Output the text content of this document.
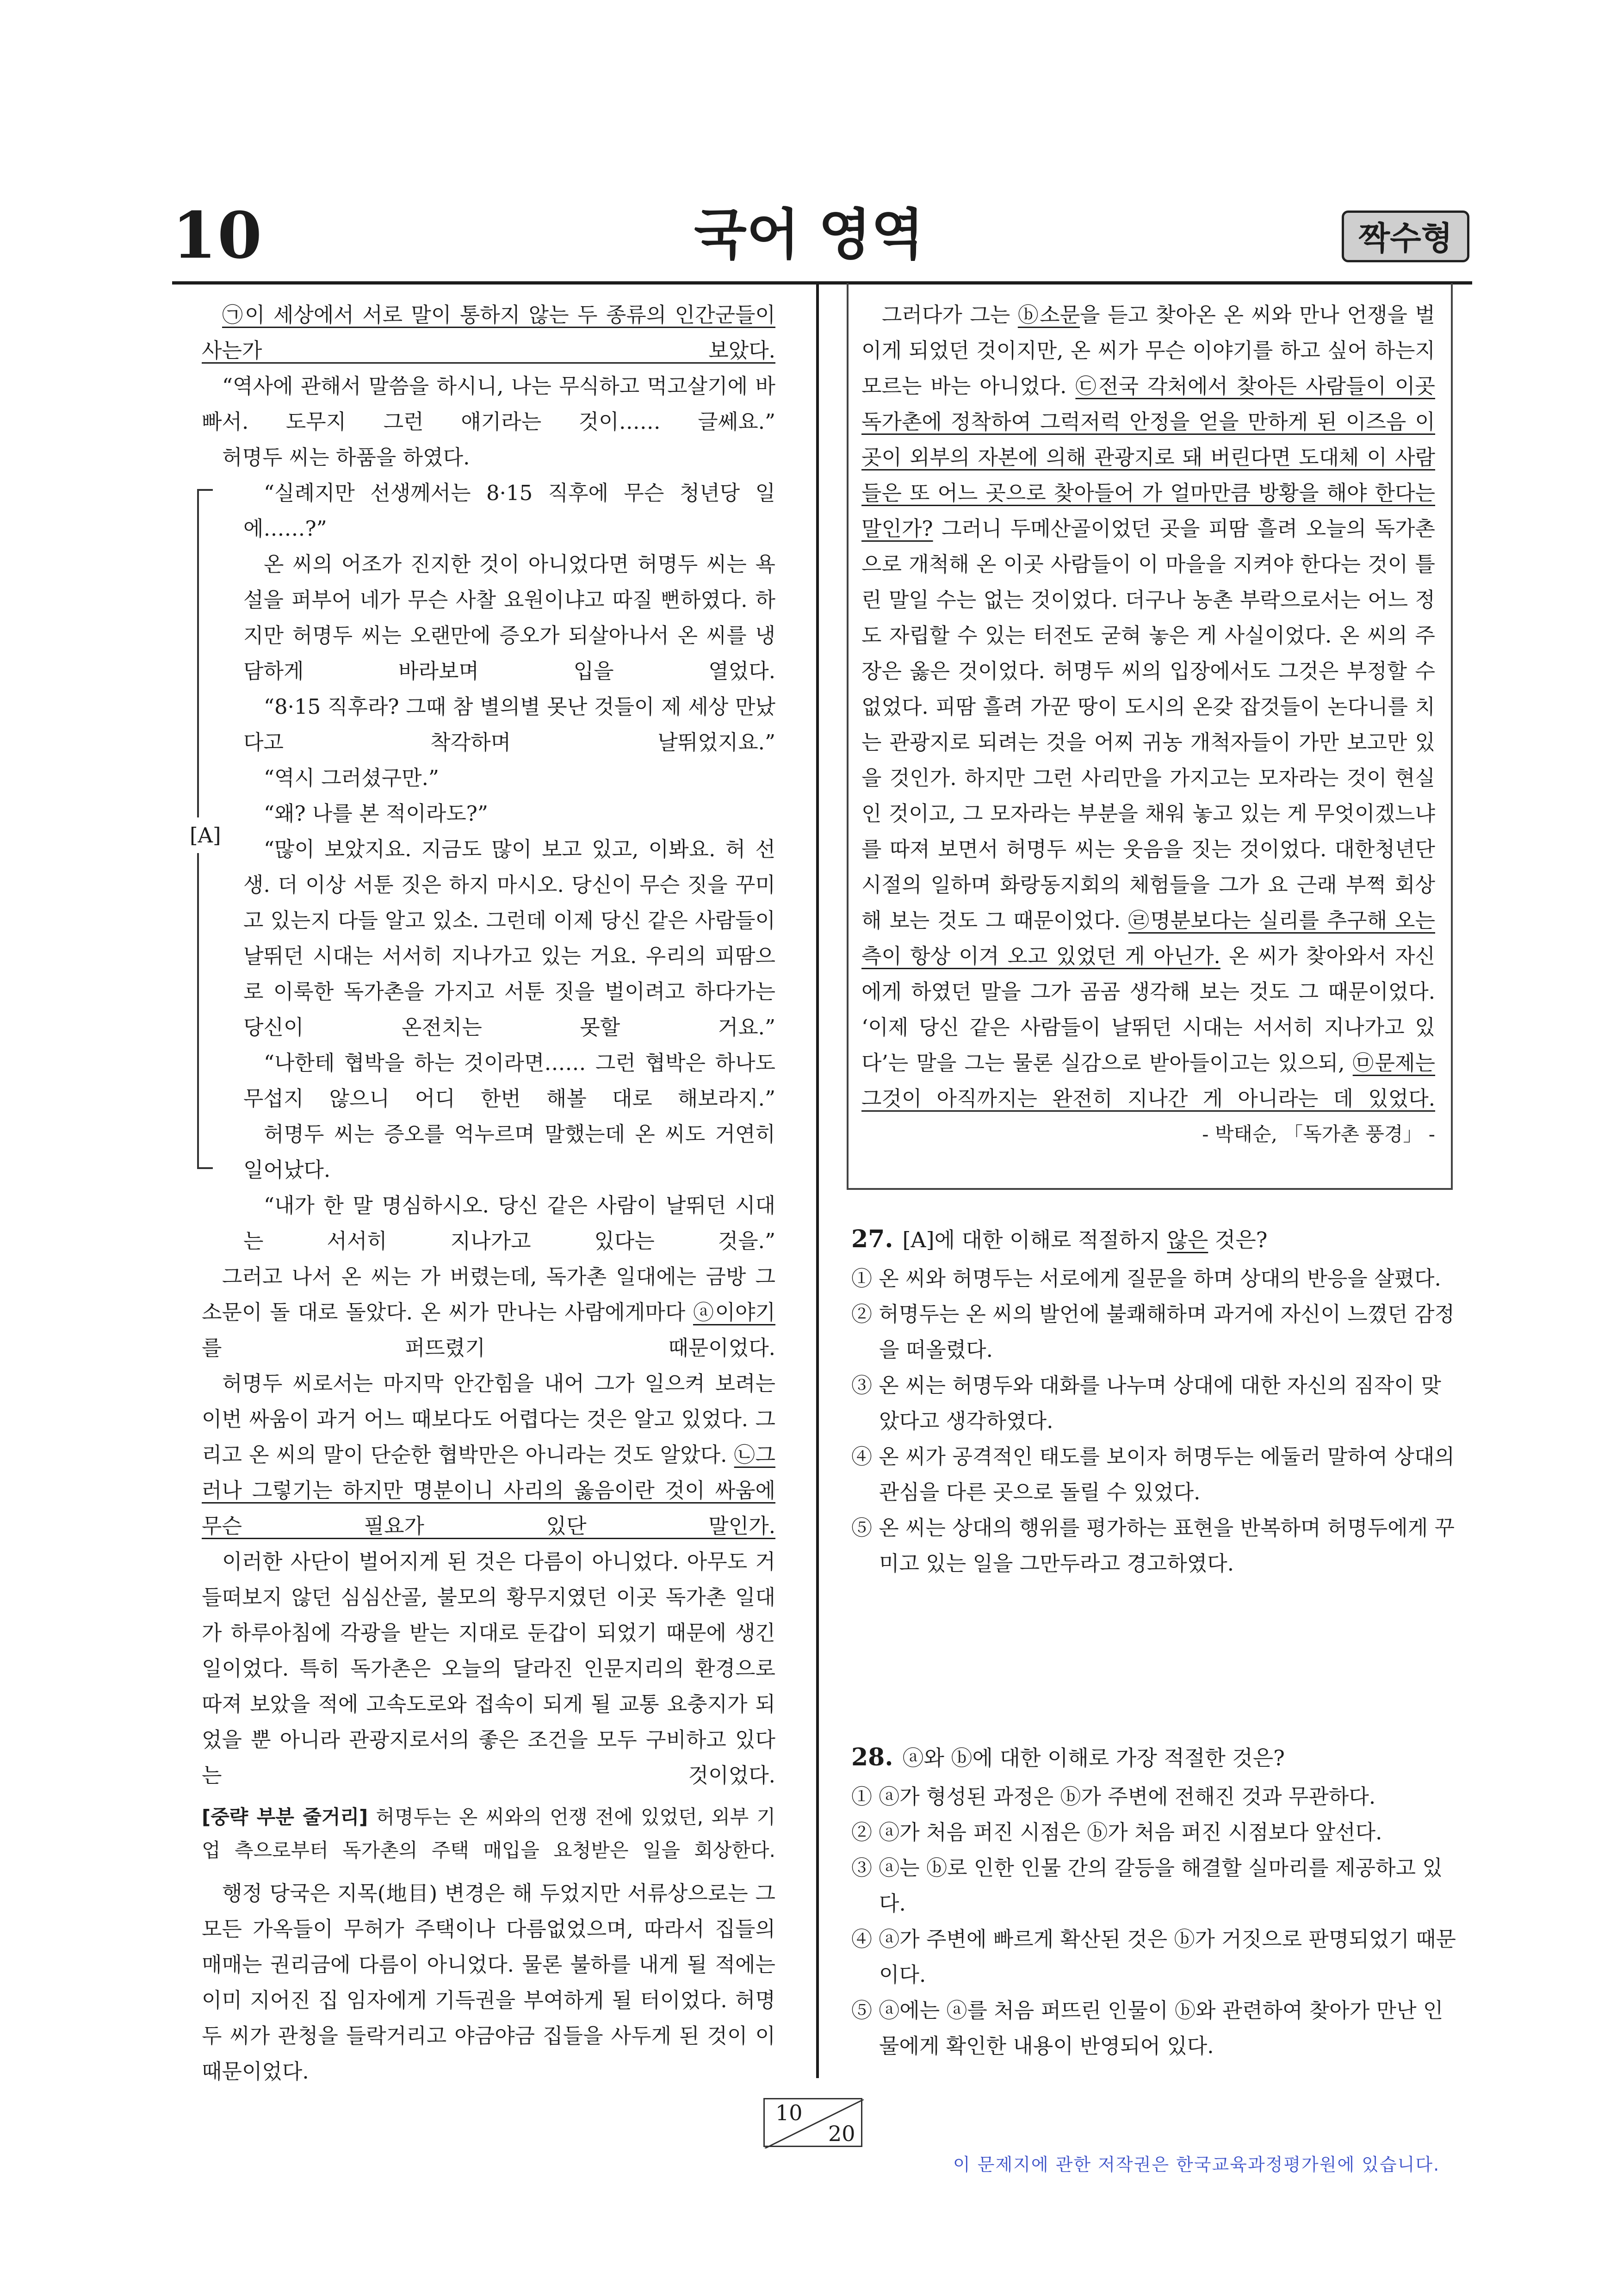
10	국어 영역	짝수형

㉠이 세상에서 서로 말이 통하지 않는 두 종류의 인간군들이 사는가 보았다.

“역사에 관해서 말씀을 하시니, 나는 무식하고 먹고살기에 바빠서. 도무지 그런 얘기라는 것이…… 글쎄요.”

허명두 씨는 하품을 하였다.

[A]

“실례지만 선생께서는 8·15 직후에 무슨 청년당 일에……?”

온 씨의 어조가 진지한 것이 아니었다면 허명두 씨는 욕설을 퍼부어 네가 무슨 사찰 요원이냐고 따질 뻔하였다. 하지만 허명두 씨는 오랜만에 증오가 되살아나서 온 씨를 냉담하게 바라보며 입을 열었다.

“8·15 직후라? 그때 참 별의별 못난 것들이 제 세상 만났다고 착각하며 날뛰었지요.”

“역시 그러셨구만.”

“왜? 나를 본 적이라도?”

“많이 보았지요. 지금도 많이 보고 있고, 이봐요. 허 선생. 더 이상 서툰 짓은 하지 마시오. 당신이 무슨 짓을 꾸미고 있는지 다들 알고 있소. 그런데 이제 당신 같은 사람들이 날뛰던 시대는 서서히 지나가고 있는 거요. 우리의 피땀으로 이룩한 독가촌을 가지고 서툰 짓을 벌이려고 하다가는 당신이 온전치는 못할 거요.”

“나한테 협박을 하는 것이라면…… 그런 협박은 하나도 무섭지 않으니 어디 한번 해볼 대로 해보라지.”

허명두 씨는 증오를 억누르며 말했는데 온 씨도 거연히 일어났다.

“내가 한 말 명심하시오. 당신 같은 사람이 날뛰던 시대는 서서히 지나가고 있다는 것을.”

그러고 나서 온 씨는 가 버렸는데, 독가촌 일대에는 금방 그 소문이 돌 대로 돌았다. 온 씨가 만나는 사람에게마다 ⓐ이야기를 퍼뜨렸기 때문이었다.

허명두 씨로서는 마지막 안간힘을 내어 그가 일으켜 보려는 이번 싸움이 과거 어느 때보다도 어렵다는 것은 알고 있었다. 그리고 온 씨의 말이 단순한 협박만은 아니라는 것도 알았다. ㉡그러나 그렇기는 하지만 명분이니 사리의 옳음이란 것이 싸움에 무슨 필요가 있단 말인가.

이러한 사단이 벌어지게 된 것은 다름이 아니었다. 아무도 거들떠보지 않던 심심산골, 불모의 황무지였던 이곳 독가촌 일대가 하루아침에 각광을 받는 지대로 둔갑이 되었기 때문에 생긴 일이었다. 특히 독가촌은 오늘의 달라진 인문지리의 환경으로 따져 보았을 적에 고속도로와 접속이 되게 될 교통 요충지가 되었을 뿐 아니라 관광지로서의 좋은 조건을 모두 구비하고 있다는 것이었다.

[중략 부분 줄거리] 허명두는 온 씨와의 언쟁 전에 있었던, 외부 기업 측으로부터 독가촌의 주택 매입을 요청받은 일을 회상한다.

행정 당국은 지목(地目) 변경은 해 두었지만 서류상으로는 그 모든 가옥들이 무허가 주택이나 다름없었으며, 따라서 집들의 매매는 권리금에 다름이 아니었다. 물론 불하를 내게 될 적에는 이미 지어진 집 임자에게 기득권을 부여하게 될 터이었다. 허명두 씨가 관청을 들락거리고 야금야금 집들을 사두게 된 것이 이 때문이었다.

그러다가 그는 ⓑ소문을 듣고 찾아온 온 씨와 만나 언쟁을 벌이게 되었던 것이지만, 온 씨가 무슨 이야기를 하고 싶어 하는지 모르는 바는 아니었다. ㉢전국 각처에서 찾아든 사람들이 이곳 독가촌에 정착하여 그럭저럭 안정을 얻을 만하게 된 이즈음 이곳이 외부의 자본에 의해 관광지로 돼 버린다면 도대체 이 사람들은 또 어느 곳으로 찾아들어 가 얼마만큼 방황을 해야 한다는 말인가? 그러니 두메산골이었던 곳을 피땀 흘려 오늘의 독가촌으로 개척해 온 이곳 사람들이 이 마을을 지켜야 한다는 것이 틀린 말일 수는 없는 것이었다. 더구나 농촌 부락으로서는 어느 정도 자립할 수 있는 터전도 굳혀 놓은 게 사실이었다. 온 씨의 주장은 옳은 것이었다. 허명두 씨의 입장에서도 그것은 부정할 수 없었다. 피땀 흘려 가꾼 땅이 도시의 온갖 잡것들이 논다니를 치는 관광지로 되려는 것을 어찌 귀농 개척자들이 가만 보고만 있을 것인가. 하지만 그런 사리만을 가지고는 모자라는 것이 현실인 것이고, 그 모자라는 부분을 채워 놓고 있는 게 무엇이겠느냐를 따져 보면서 허명두 씨는 웃음을 짓는 것이었다. 대한청년단 시절의 일하며 화랑동지회의 체험들을 그가 요 근래 부쩍 회상해 보는 것도 그 때문이었다. ㉣명분보다는 실리를 추구해 오는 측이 항상 이겨 오고 있었던 게 아닌가. 온 씨가 찾아와서 자신에게 하였던 말을 그가 곰곰 생각해 보는 것도 그 때문이었다. ‘이제 당신 같은 사람들이 날뛰던 시대는 서서히 지나가고 있다’는 말을 그는 물론 실감으로 받아들이고는 있으되, ㉤문제는 그것이 아직까지는 완전히 지나간 게 아니라는 데 있었다.

- 박태순, 「독가촌 풍경」 -

27. [A]에 대한 이해로 적절하지 않은 것은?
① 온 씨와 허명두는 서로에게 질문을 하며 상대의 반응을 살폈다.
② 허명두는 온 씨의 발언에 불쾌해하며 과거에 자신이 느꼈던 감정을 떠올렸다.
③ 온 씨는 허명두와 대화를 나누며 상대에 대한 자신의 짐작이 맞았다고 생각하였다.
④ 온 씨가 공격적인 태도를 보이자 허명두는 에둘러 말하여 상대의 관심을 다른 곳으로 돌릴 수 있었다.
⑤ 온 씨는 상대의 행위를 평가하는 표현을 반복하며 허명두에게 꾸미고 있는 일을 그만두라고 경고하였다.
28. ⓐ와 ⓑ에 대한 이해로 가장 적절한 것은?
① ⓐ가 형성된 과정은 ⓑ가 주변에 전해진 것과 무관하다.
② ⓐ가 처음 퍼진 시점은 ⓑ가 처음 퍼진 시점보다 앞선다.
③ ⓐ는 ⓑ로 인한 인물 간의 갈등을 해결할 실마리를 제공하고 있다.
④ ⓐ가 주변에 빠르게 확산된 것은 ⓑ가 거짓으로 판명되었기 때문이다.
⑤ ⓐ에는 ⓐ를 처음 퍼뜨린 인물이 ⓑ와 관련하여 찾아가 만난 인물에게 확인한 내용이 반영되어 있다.
10
20
이 문제지에 관한 저작권은 한국교육과정평가원에 있습니다.
